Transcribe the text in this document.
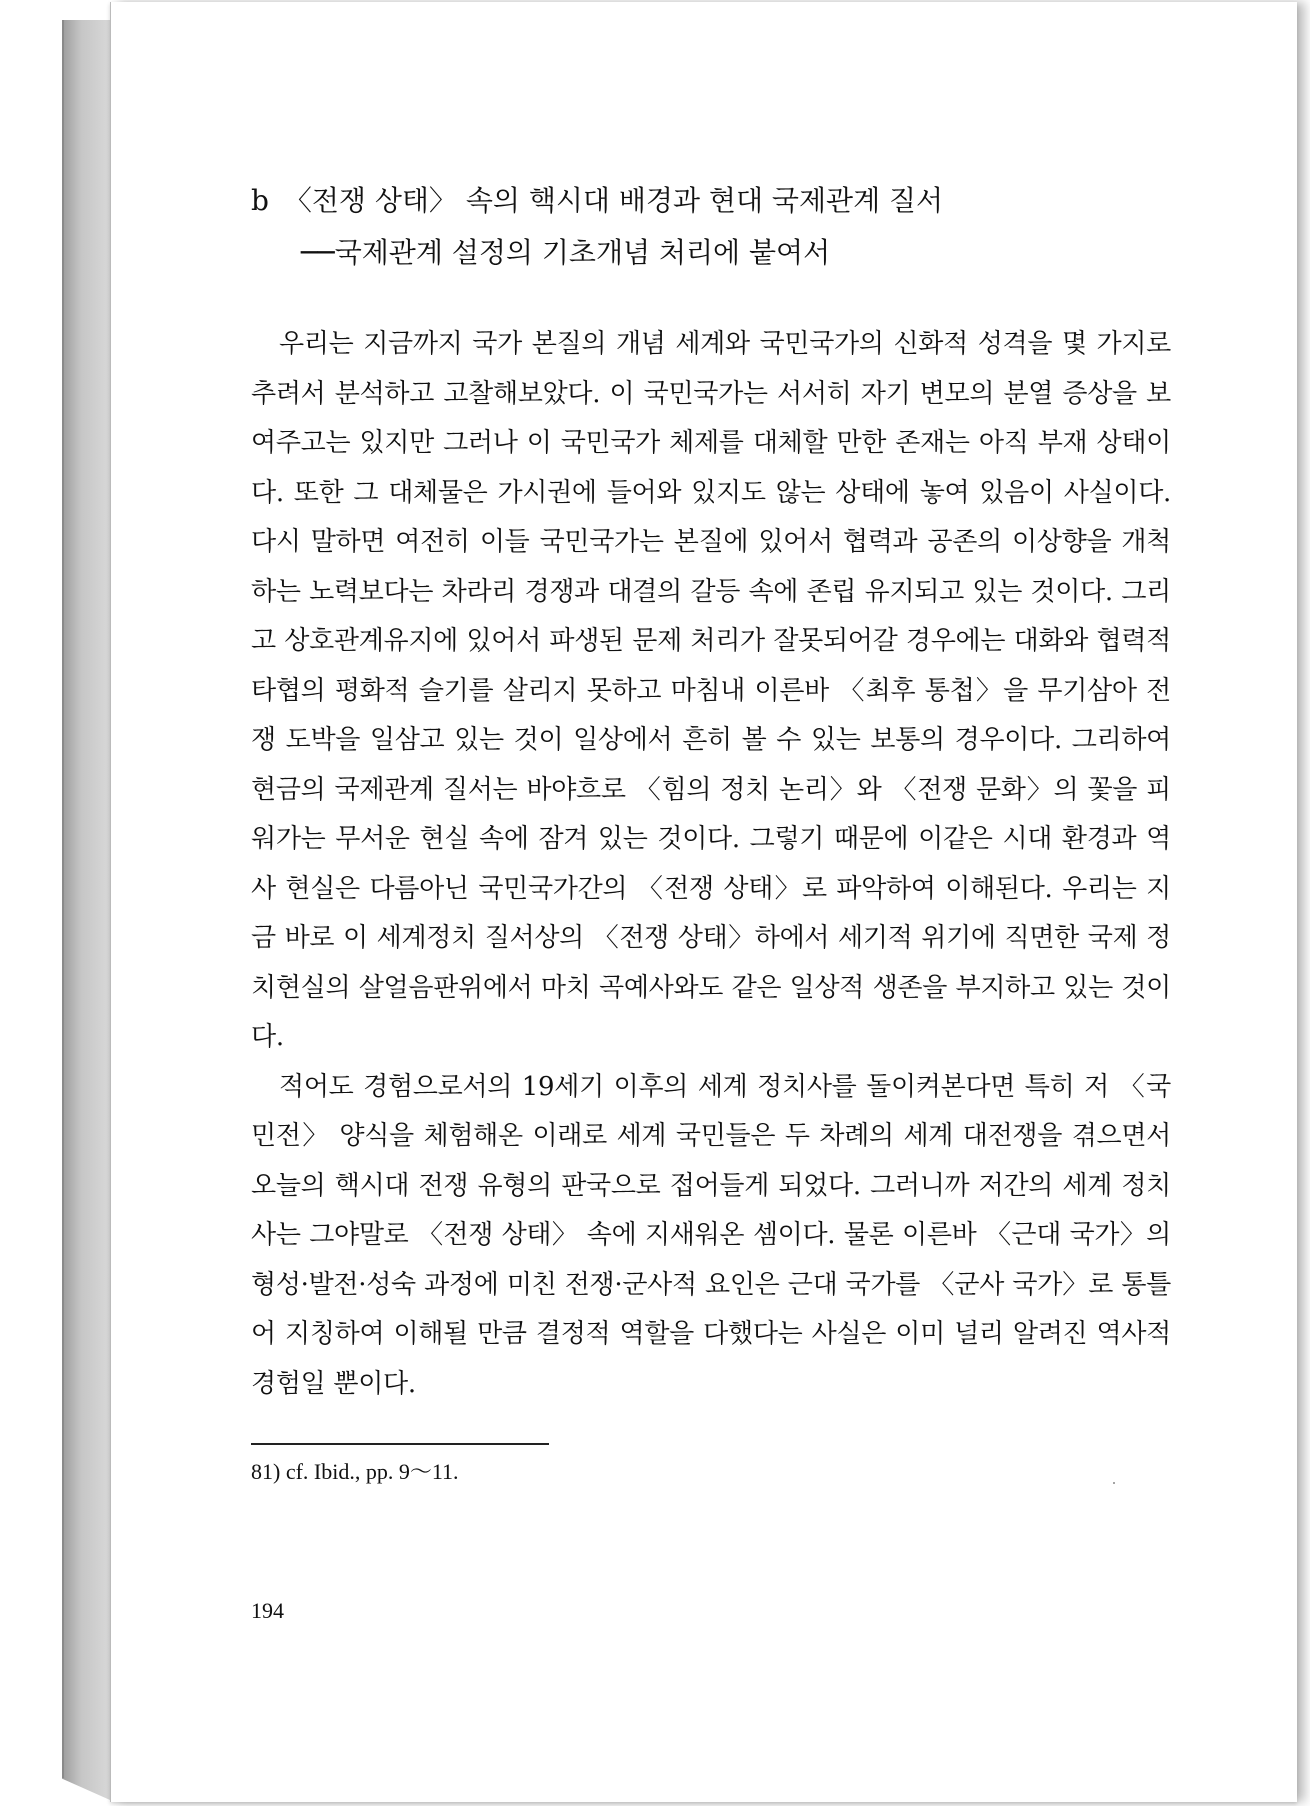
b 〈전쟁 상태〉 속의 핵시대 배경과 현대 국제관계 질서
──국제관계 설정의 기초개념 처리에 붙여서

우리는 지금까지 국가 본질의 개념 세계와 국민국가의 신화적 성격을 몇 가지로 추려서 분석하고 고찰해보았다. 이 국민국가는 서서히 자기 변모의 분열 증상을 보여주고는 있지만 그러나 이 국민국가 체제를 대체할 만한 존재는 아직 부재 상태이다. 또한 그 대체물은 가시권에 들어와 있지도 않는 상태에 놓여 있음이 사실이다. 다시 말하면 여전히 이들 국민국가는 본질에 있어서 협력과 공존의 이상향을 개척하는 노력보다는 차라리 경쟁과 대결의 갈등 속에 존립 유지되고 있는 것이다. 그리고 상호관계유지에 있어서 파생된 문제 처리가 잘못되어갈 경우에는 대화와 협력적 타협의 평화적 슬기를 살리지 못하고 마침내 이른바 〈최후 통첩〉을 무기삼아 전쟁 도박을 일삼고 있는 것이 일상에서 흔히 볼 수 있는 보통의 경우이다. 그리하여 현금의 국제관계 질서는 바야흐로 〈힘의 정치 논리〉와 〈전쟁 문화〉의 꽃을 피워가는 무서운 현실 속에 잠겨 있는 것이다. 그렇기 때문에 이같은 시대 환경과 역사 현실은 다름아닌 국민국가간의 〈전쟁 상태〉로 파악하여 이해된다. 우리는 지금 바로 이 세계정치 질서상의 〈전쟁 상태〉하에서 세기적 위기에 직면한 국제 정치현실의 살얼음판위에서 마치 곡예사와도 같은 일상적 생존을 부지하고 있는 것이다.

적어도 경험으로서의 19세기 이후의 세계 정치사를 돌이켜본다면 특히 저 〈국민전〉 양식을 체험해온 이래로 세계 국민들은 두 차례의 세계 대전쟁을 겪으면서 오늘의 핵시대 전쟁 유형의 판국으로 접어들게 되었다. 그러니까 저간의 세계 정치사는 그야말로 〈전쟁 상태〉 속에 지새워온 셈이다. 물론 이른바 〈근대 국가〉의 형성·발전·성숙 과정에 미친 전쟁·군사적 요인은 근대 국가를 〈군사 국가〉로 통틀어 지칭하여 이해될 만큼 결정적 역할을 다했다는 사실은 이미 널리 알려진 역사적 경험일 뿐이다.

81) cf. Ibid., pp. 9〜11.
194
